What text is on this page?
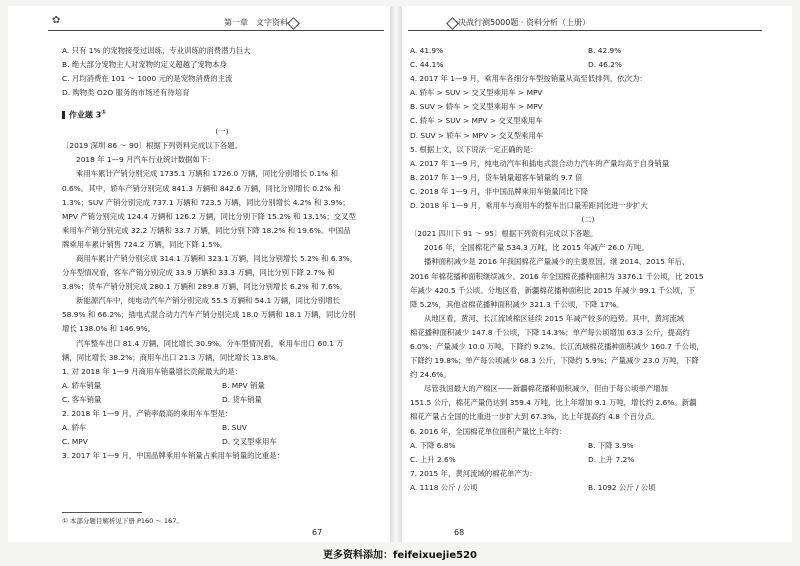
✿	第一章　文字资料

A. 只有 1% 的宠物接受过训练，专业训练的消费潜力巨大

B. 绝大部分宠物主人对宠物的定义超越了宠物本身

C. 月均消费在 101 ～ 1000 元的是宠物消费的主流

D. 购物类 O2O 服务的市场还有待培育

作业题 3①

(一)

〔2019 深圳 86 ～ 90〕根据下列资料完成以下各题。

2018 年 1—9 月汽车行业统计数据如下：

乘用车累计产销分别完成 1735.1 万辆和 1726.0 万辆，同比分别增长 0.1% 和

0.6%。其中，轿车产销分别完成 841.3 万辆和 842.6 万辆，同比分别增长 0.2% 和

1.3%；SUV 产销分别完成 737.1 万辆和 723.5 万辆，同比分别增长 4.2% 和 3.9%；

MPV 产销分别完成 124.4 万辆和 126.2 万辆，同比分别下降 15.2% 和 13.1%；交叉型

乘用车产销分别完成 32.2 万辆和 33.7 万辆，同比分别下降 18.2% 和 19.6%。中国品

牌乘用车累计销售 724.2 万辆，同比下降 1.5%。

商用车累计产销分别完成 314.1 万辆和 323.1 万辆，同比分别增长 5.2% 和 6.3%，

分车型情况看，客车产销分别完成 33.9 万辆和 33.3 万辆，同比分别下降 2.7% 和

3.8%；货车产销分别完成 280.1 万辆和 289.8 万辆，同比分别增长 6.2% 和 7.6%。

新能源汽车中，纯电动汽车产销分别完成 55.5 万辆和 54.1 万辆，同比分别增长

58.9% 和 66.2%；插电式混合动力汽车产销分别完成 18.0 万辆和 18.1 万辆，同比分别

增长 138.0% 和 146.9%。

汽车整车出口 81.4 万辆，同比增长 30.9%。分车型情况看，乘用车出口 60.1 万

辆，同比增长 38.2%；商用车出口 21.3 万辆，同比增长 13.8%。

1. 对 2018 年 1—9 月商用车销量增长贡献最大的是：

A. 轿车销量	B. MPV 销量

C. 客车销量	D. 货车销量

2. 2018 年 1—9 月，产销率最高的乘用车车型是：

A. 轿车	B. SUV

C. MPV	D. 交叉型乘用车

3. 2017 年 1—9 月，中国品牌乘用车销量占乘用车销量的比重是：

① 本部分题目解析见下册 P160 ～ 167。
67
决战行测5000题 · 资料分析（上册）

A. 41.9%	B. 42.9%

C. 44.1%	D. 46.2%

4. 2017 年 1—9 月，乘用车各细分车型按销量从高至低排列，依次为：

A. 轿车 > SUV > 交叉型乘用车 > MPV

B. SUV > 轿车 > 交叉型乘用车 > MPV

C. 轿车 > SUV > MPV > 交叉型乘用车

D. SUV > 轿车 > MPV > 交叉型乘用车

5. 根据上文，以下说法一定正确的是：

A. 2017 年 1—9 月，纯电动汽车和插电式混合动力汽车的产量均高于自身销量

B. 2017 年 1—9 月，货车销量超客车销量的 9.7 倍

C. 2018 年 1—9 月，非中国品牌乘用车销量同比下降

D. 2018 年 1—9 月，乘用车与商用车的整车出口量差距同比进一步扩大

(二)

〔2021 四川下 91 ～ 95〕根据下列资料完成以下各题。

2016 年，全国棉花产量 534.3 万吨，比 2015 年减产 26.0 万吨。

播种面积减少是 2016 年我国棉花产量减少的主要原因。继 2014、2015 年后，

2016 年棉花播种面积继续减少。2016 年全国棉花播种面积为 3376.1 千公顷，比 2015

年减少 420.5 千公顷。分地区看，新疆棉花播种面积比 2015 年减少 99.1 千公顷，下

降 5.2%，其他省棉花播种面积减少 321.3 千公顷，下降 17%。

从地区看，黄河、长江流域棉区延续 2015 年减产较多的趋势。其中，黄河流域

棉花播种面积减少 147.8 千公顷，下降 14.3%；单产每公顷增加 63.3 公斤，提高约

6.0%；产量减少 10.0 万吨，下降约 9.2%。长江流域棉花播种面积减少 160.7 千公顷，

下降约 19.8%；单产每公顷减少 68.3 公斤，下降约 5.9%；产量减少 23.0 万吨，下降

约 24.6%。

尽管我国最大的产棉区——新疆棉花播种面积减少，但由于每公顷单产增加

151.5 公斤，棉花产量仍达到 359.4 万吨，比上年增加 9.1 万吨，增长约 2.6%。新疆

棉花产量占全国的比重进一步扩大到 67.3%，比上年提高约 4.8 个百分点。

6. 2016 年，全国棉花单位面积产量比上年约：

A. 下降 6.8%	B. 下降 3.9%

C. 上升 2.6%	D. 上升 7.2%

7. 2015 年，黄河流域的棉花单产为：

A. 1118 公斤 / 公顷	B. 1092 公斤 / 公顷

68
更多资料添加：feifeixuejie520
